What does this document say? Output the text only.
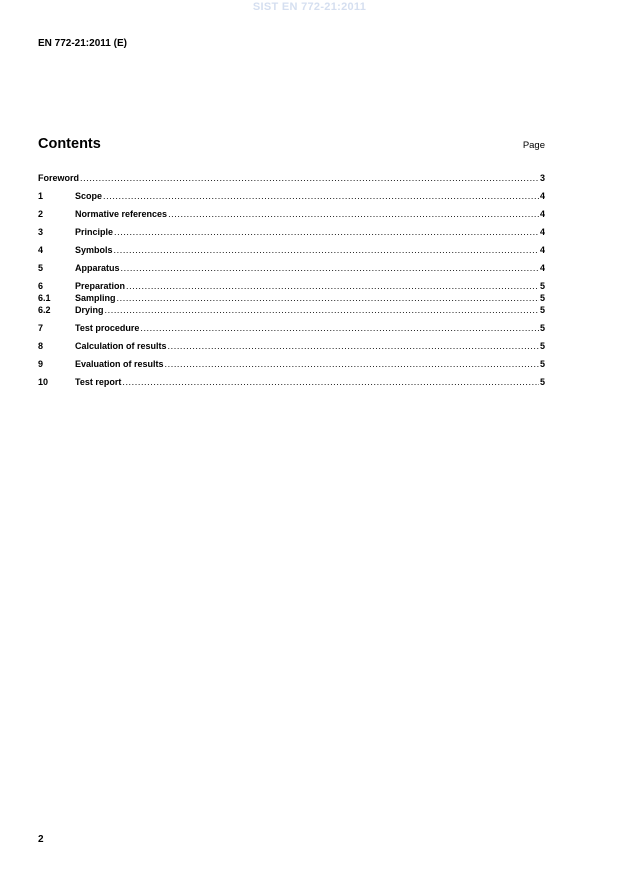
SIST EN 772-21:2011
EN 772-21:2011 (E)
Contents	Page
Foreword .....	3
1	Scope .....	4
2	Normative references .....	4
3	Principle .....	4
4	Symbols .....	4
5	Apparatus .....	4
6	Preparation .....	5
6.1	Sampling .....	5
6.2	Drying .....	5
7	Test procedure .....	5
8	Calculation of results .....	5
9	Evaluation of results .....	5
10	Test report .....	5
2
